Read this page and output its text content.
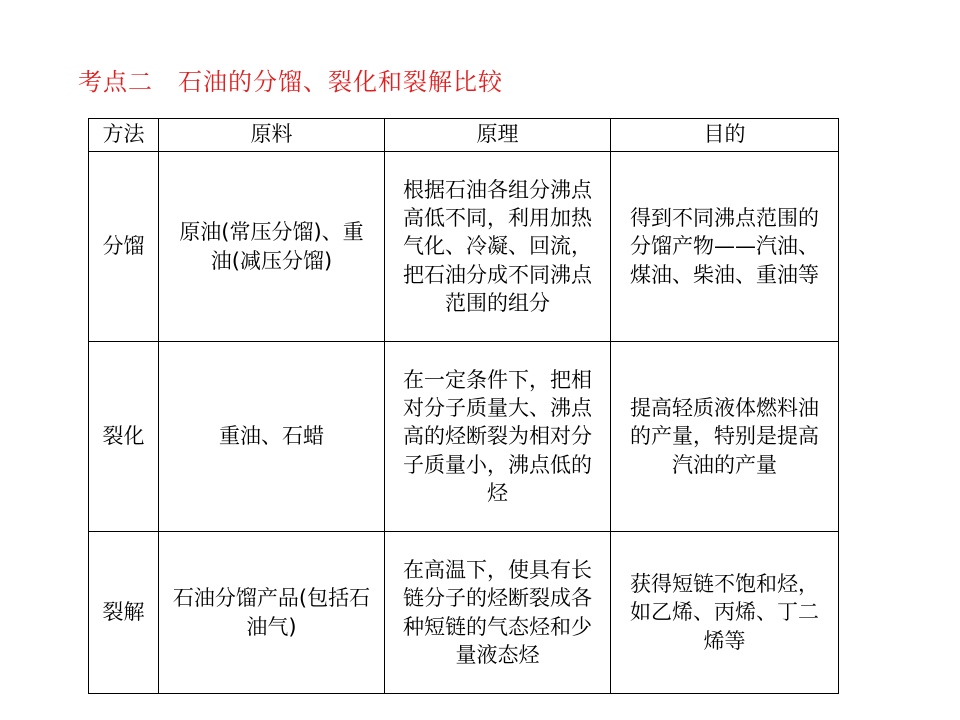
考点二　石油的分馏、裂化和裂解比较
方法	原料	原理	目的
分馏	原油(常压分馏)、重油(减压分馏)	根据石油各组分沸点高低不同，利用加热气化、冷凝、回流，把石油分成不同沸点范围的组分	得到不同沸点范围的分馏产物——汽油、煤油、柴油、重油等
裂化	重油、石蜡	在一定条件下，把相对分子质量大、沸点高的烃断裂为相对分子质量小，沸点低的烃	提高轻质液体燃料油的产量，特别是提高汽油的产量
裂解	石油分馏产品(包括石油气)	在高温下，使具有长链分子的烃断裂成各种短链的气态烃和少量液态烃	获得短链不饱和烃，如乙烯、丙烯、丁二烯等
